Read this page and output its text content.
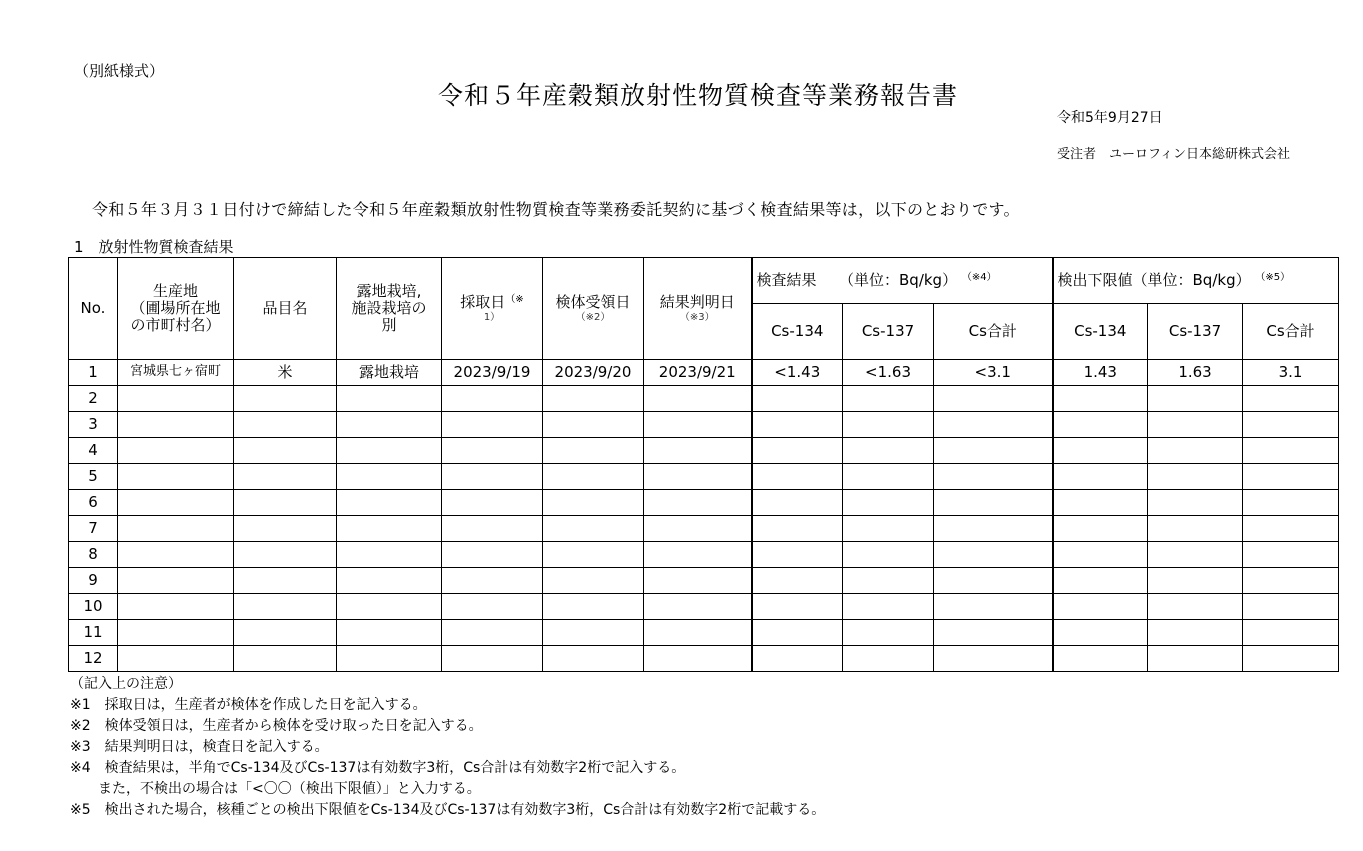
（別紙様式）
令和５年産穀類放射性物質検査等業務報告書
令和5年9月27日
受注者　ユーロフィン日本総研株式会社
令和５年３月３１日付けで締結した令和５年産穀類放射性物質検査等業務委託契約に基づく検査結果等は，以下のとおりです。
1　放射性物質検査結果
No.	生産地
（圃場所在地
の市町村名）	品目名	露地栽培,
施設栽培の
別	採取日（※
1）	検体受領日
（※2）	結果判明日
（※3）	検査結果　　（単位：Bq/kg） $^{(※4)}$			検出下限値（単位：Bq/kg） $^{(※5)}$
							Cs-134	Cs-137	Cs合計	Cs-134	Cs-137	Cs合計
1	宮城県七ヶ宿町	米	露地栽培	2023/9/19	2023/9/20	2023/9/21	<1.43	<1.63	<3.1	1.43	1.63	3.1
2												
3												
4												
5												
6												
7												
8												
9												
10												
11												
12												
（記入上の注意）
※1　採取日は，生産者が検体を作成した日を記入する。
※2　検体受領日は，生産者から検体を受け取った日を記入する。
※3　結果判明日は，検査日を記入する。
※4　検査結果は，半角でCs-134及びCs-137は有効数字3桁，Cs合計は有効数字2桁で記入する。
　　また，不検出の場合は「<〇〇（検出下限値）」と入力する。
※5　検出された場合，核種ごとの検出下限値をCs-134及びCs-137は有効数字3桁，Cs合計は有効数字2桁で記載する。
